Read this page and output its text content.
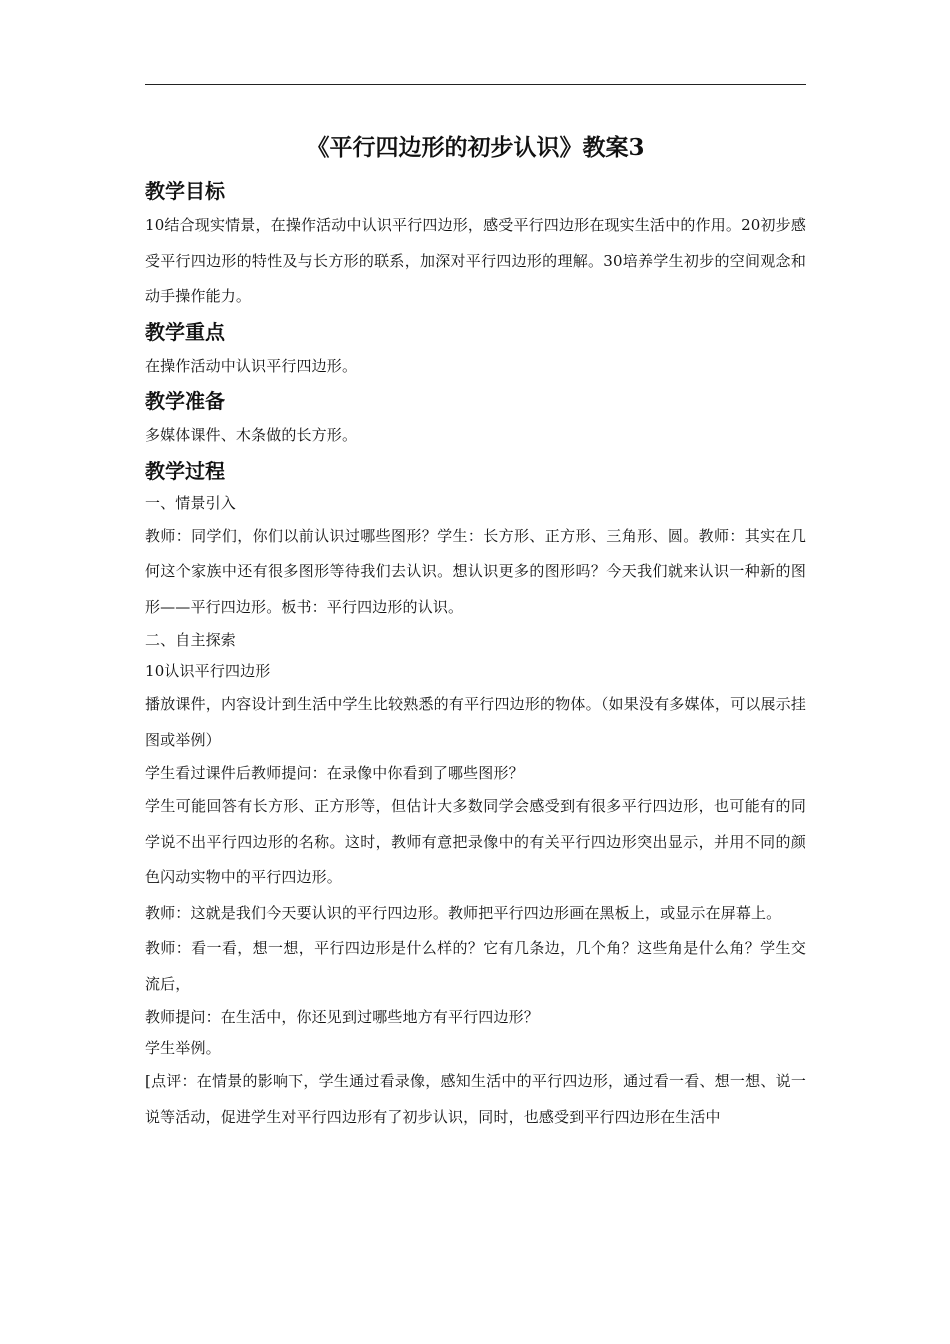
《平行四边形的初步认识》教案3
教学目标

10结合现实情景，在操作活动中认识平行四边形，感受平行四边形在现实生活中的作用。20初步感受平行四边形的特性及与长方形的联系，加深对平行四边形的理解。30培养学生初步的空间观念和动手操作能力。

教学重点

在操作活动中认识平行四边形。

教学准备

多媒体课件、木条做的长方形。

教学过程

一、情景引入

教师：同学们，你们以前认识过哪些图形？学生：长方形、正方形、三角形、圆。教师：其实在几何这个家族中还有很多图形等待我们去认识。想认识更多的图形吗？今天我们就来认识一种新的图形——平行四边形。板书：平行四边形的认识。

二、自主探索

10认识平行四边形

播放课件，内容设计到生活中学生比较熟悉的有平行四边形的物体。（如果没有多媒体，可以展示挂图或举例）

学生看过课件后教师提问：在录像中你看到了哪些图形？

学生可能回答有长方形、正方形等，但估计大多数同学会感受到有很多平行四边形，也可能有的同学说不出平行四边形的名称。这时，教师有意把录像中的有关平行四边形突出显示，并用不同的颜色闪动实物中的平行四边形。

教师：这就是我们今天要认识的平行四边形。教师把平行四边形画在黑板上，或显示在屏幕上。

教师：看一看，想一想，平行四边形是什么样的？它有几条边，几个角？这些角是什么角？学生交流后，

教师提问：在生活中，你还见到过哪些地方有平行四边形？

学生举例。

[点评：在情景的影响下，学生通过看录像，感知生活中的平行四边形，通过看一看、想一想、说一说等活动，促进学生对平行四边形有了初步认识，同时，也感受到平行四边形在生活中
